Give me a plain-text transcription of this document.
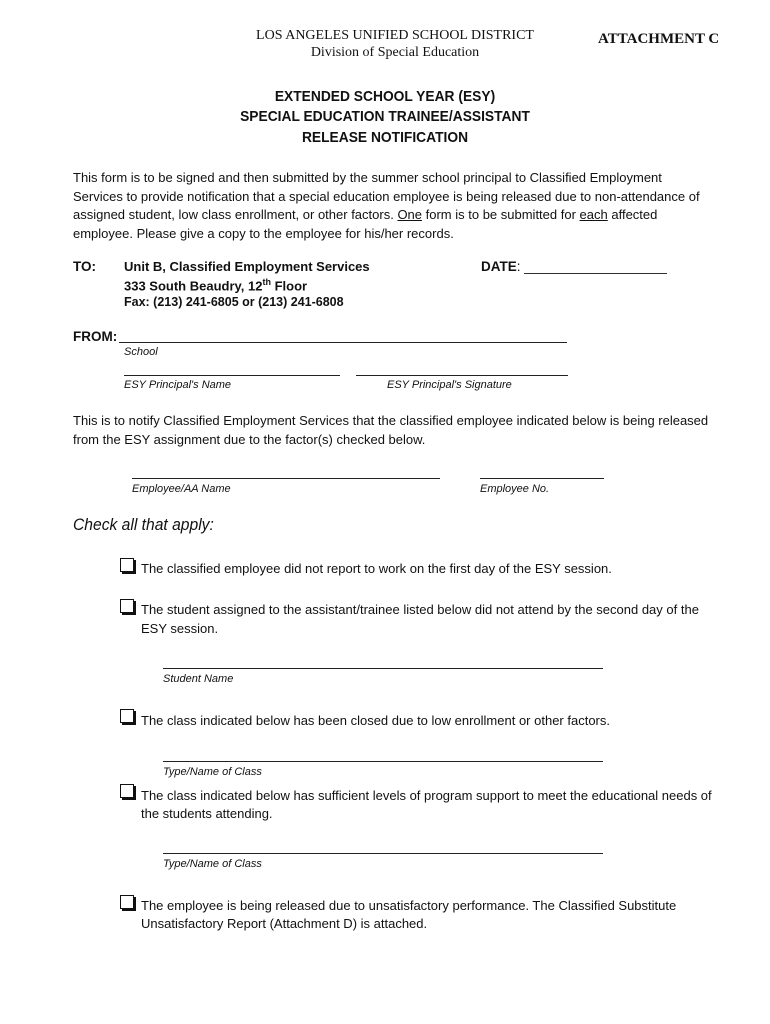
LOS ANGELES UNIFIED SCHOOL DISTRICT
Division of Special Education
ATTACHMENT C
EXTENDED SCHOOL YEAR (ESY)
SPECIAL EDUCATION TRAINEE/ASSISTANT
RELEASE NOTIFICATION
This form is to be signed and then submitted by the summer school principal to Classified Employment Services to provide notification that a special education employee is being released due to non-attendance of assigned student, low class enrollment, or other factors. One form is to be submitted for each affected employee. Please give a copy to the employee for his/her records.
TO: Unit B, Classified Employment Services
333 South Beaudry, 12th Floor
Fax: (213) 241-6805 or (213) 241-6808
DATE: ___________________
FROM:
School
ESY Principal's Name	ESY Principal's Signature
This is to notify Classified Employment Services that the classified employee indicated below is being released from the ESY assignment due to the factor(s) checked below.
Employee/AA Name	Employee No.
Check all that apply:
The classified employee did not report to work on the first day of the ESY session.
The student assigned to the assistant/trainee listed below did not attend by the second day of the
ESY session.
Student Name
The class indicated below has been closed due to low enrollment or other factors.
Type/Name of Class
The class indicated below has sufficient levels of program support to meet the educational needs of
the students attending.
Type/Name of Class
The employee is being released due to unsatisfactory performance. The Classified Substitute
Unsatisfactory Report (Attachment D) is attached.
